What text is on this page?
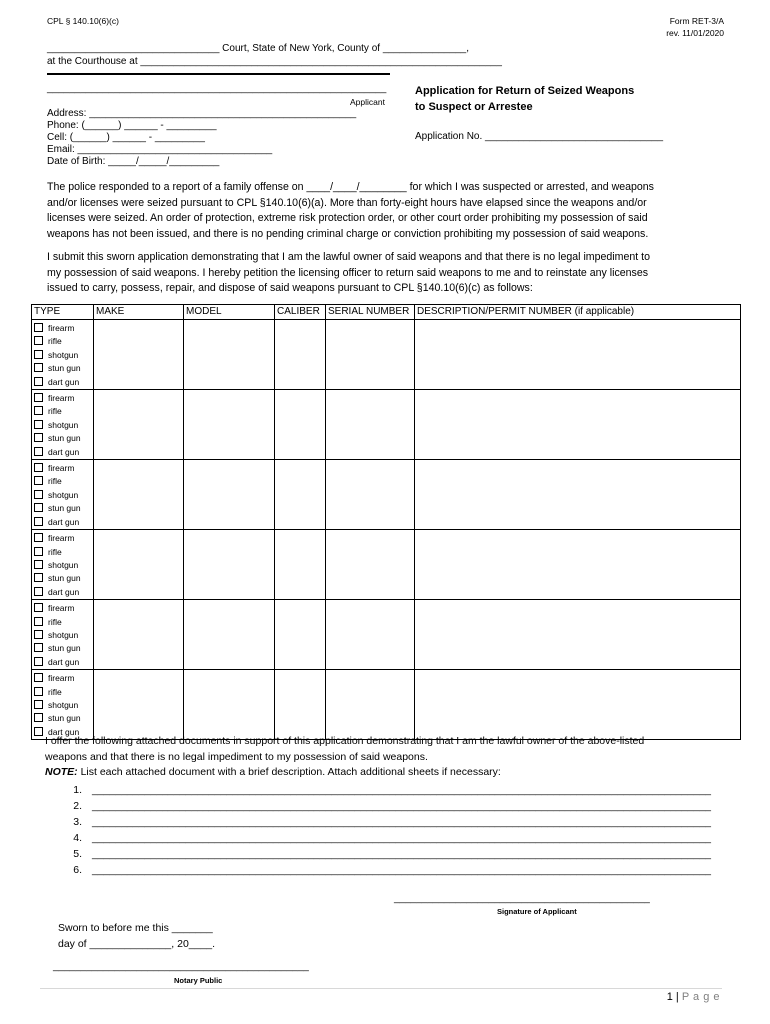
CPL § 140.10(6)(c)	Form RET-3/A
rev. 11/01/2020
_______________________________ Court, State of New York, County of _______________,
at the Courthouse at _________________________________________________________________
_____________________________________________________________
Applicant
Address: ________________________________________________
Phone: (______) ______ - _________
Cell: (______) ______ - _________
Email: ___________________________________
Date of Birth: _____/_____/_________
Application for Return of Seized Weapons
to Suspect or Arrestee
Application No. ________________________________
The police responded to a report of a family offense on ____/____/________ for which I was suspected or arrested, and weapons
and/or licenses were seized pursuant to CPL §140.10(6)(a). More than forty-eight hours have elapsed since the weapons and/or
licenses were seized. An order of protection, extreme risk protection order, or other court order prohibiting my possession of said
weapons has not been issued, and there is no pending criminal charge or conviction prohibiting my possession of said weapons.
I submit this sworn application demonstrating that I am the lawful owner of said weapons and that there is no legal impediment to
my possession of said weapons. I hereby petition the licensing officer to return said weapons to me and to reinstate any licenses
issued to carry, possess, repair, and dispose of said weapons pursuant to CPL §140.10(6)(c) as follows:
TYPE	MAKE	MODEL	CALIBER	SERIAL NUMBER	DESCRIPTION/PERMIT NUMBER (if applicable)

firearm
rifle
shotgun
stun gun
dart gun					

firearm
rifle
shotgun
stun gun
dart gun					

firearm
rifle
shotgun
stun gun
dart gun					

firearm
rifle
shotgun
stun gun
dart gun					

firearm
rifle
shotgun
stun gun
dart gun					

firearm
rifle
shotgun
stun gun
dart gun					

I offer the following attached documents in support of this application demonstrating that I am the lawful owner of the above-listed
weapons and that there is no legal impediment to my possession of said weapons.
NOTE: List each attached document with a brief description. Attach additional sheets if necessary:
1. __________________________________________________________________________________________________________
2. __________________________________________________________________________________________________________
3. __________________________________________________________________________________________________________
4. __________________________________________________________________________________________________________
5. __________________________________________________________________________________________________________
6. __________________________________________________________________________________________________________
______________________________________________
Signature of Applicant
Sworn to before me this _______
day of ______________, 20____.
______________________________________________
Notary Public
1 | P a g e
